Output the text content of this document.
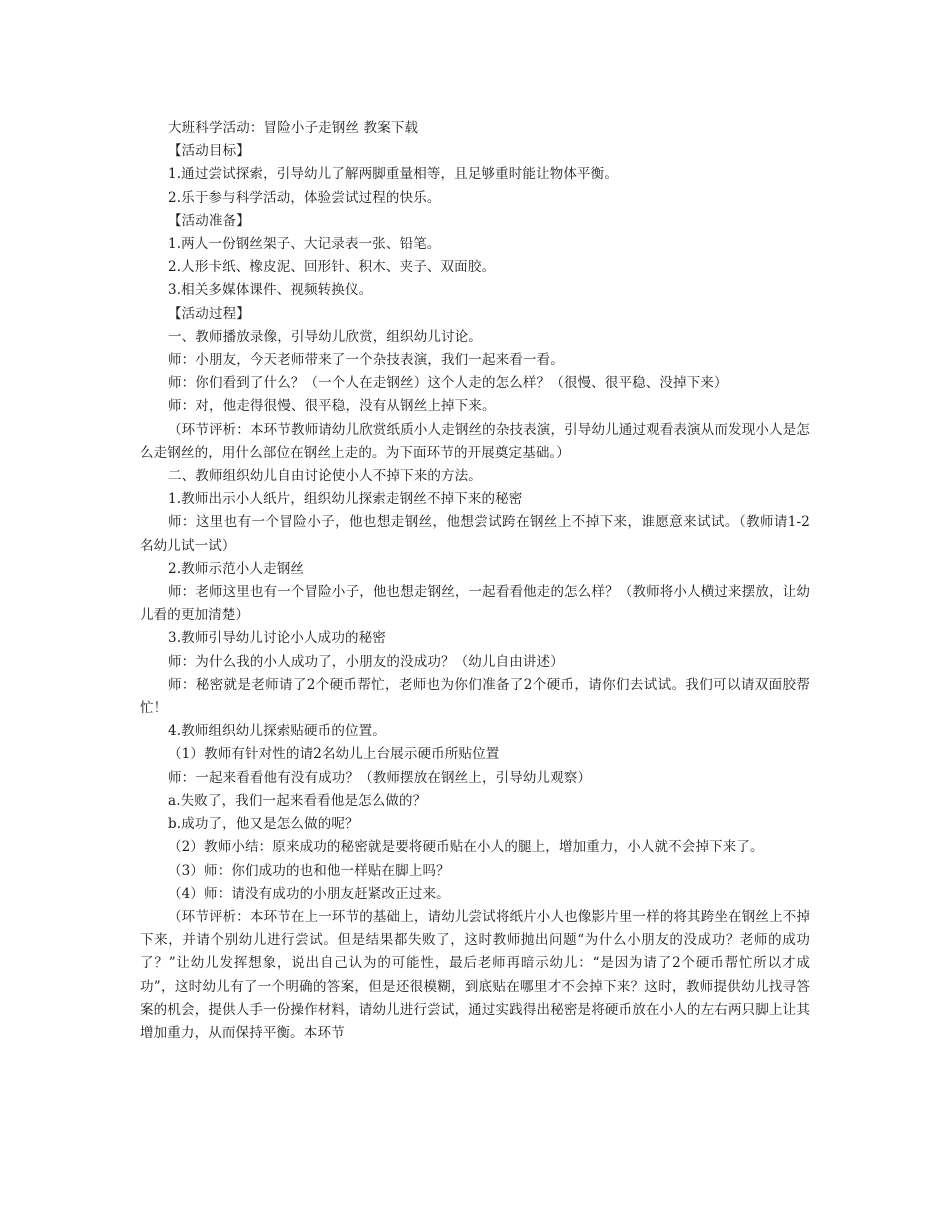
大班科学活动：冒险小子走钢丝 教案下载

【活动目标】

1.通过尝试探索，引导幼儿了解两脚重量相等，且足够重时能让物体平衡。

2.乐于参与科学活动，体验尝试过程的快乐。

【活动准备】

1.两人一份钢丝架子、大记录表一张、铅笔。

2.人形卡纸、橡皮泥、回形针、积木、夹子、双面胶。

3.相关多媒体课件、视频转换仪。

【活动过程】

一、教师播放录像，引导幼儿欣赏，组织幼儿讨论。

师：小朋友，今天老师带来了一个杂技表演，我们一起来看一看。

师：你们看到了什么？（一个人在走钢丝）这个人走的怎么样？（很慢、很平稳、没掉下来）

师：对，他走得很慢、很平稳，没有从钢丝上掉下来。

（环节评析：本环节教师请幼儿欣赏纸质小人走钢丝的杂技表演，引导幼儿通过观看表演从而发现小人是怎么走钢丝的，用什么部位在钢丝上走的。为下面环节的开展奠定基础。）

二、教师组织幼儿自由讨论使小人不掉下来的方法。

1.教师出示小人纸片，组织幼儿探索走钢丝不掉下来的秘密

师：这里也有一个冒险小子，他也想走钢丝，他想尝试跨在钢丝上不掉下来，谁愿意来试试。（教师请1-2名幼儿试一试）

2.教师示范小人走钢丝

师：老师这里也有一个冒险小子，他也想走钢丝，一起看看他走的怎么样？（教师将小人横过来摆放，让幼儿看的更加清楚）

3.教师引导幼儿讨论小人成功的秘密

师：为什么我的小人成功了，小朋友的没成功？（幼儿自由讲述）

师：秘密就是老师请了2个硬币帮忙，老师也为你们准备了2个硬币，请你们去试试。我们可以请双面胶帮忙！

4.教师组织幼儿探索贴硬币的位置。

（1）教师有针对性的请2名幼儿上台展示硬币所贴位置

师：一起来看看他有没有成功？（教师摆放在钢丝上，引导幼儿观察）

a.失败了，我们一起来看看他是怎么做的？

b.成功了，他又是怎么做的呢？

（2）教师小结：原来成功的秘密就是要将硬币贴在小人的腿上，增加重力，小人就不会掉下来了。

（3）师：你们成功的也和他一样贴在脚上吗？

（4）师：请没有成功的小朋友赶紧改正过来。

（环节评析：本环节在上一环节的基础上，请幼儿尝试将纸片小人也像影片里一样的将其跨坐在钢丝上不掉下来，并请个别幼儿进行尝试。但是结果都失败了，这时教师抛出问题“为什么小朋友的没成功？老师的成功了？”让幼儿发挥想象，说出自己认为的可能性，最后老师再暗示幼儿：“是因为请了2个硬币帮忙所以才成功”，这时幼儿有了一个明确的答案，但是还很模糊，到底贴在哪里才不会掉下来？这时，教师提供幼儿找寻答案的机会，提供人手一份操作材料，请幼儿进行尝试，通过实践得出秘密是将硬币放在小人的左右两只脚上让其增加重力，从而保持平衡。本环节
